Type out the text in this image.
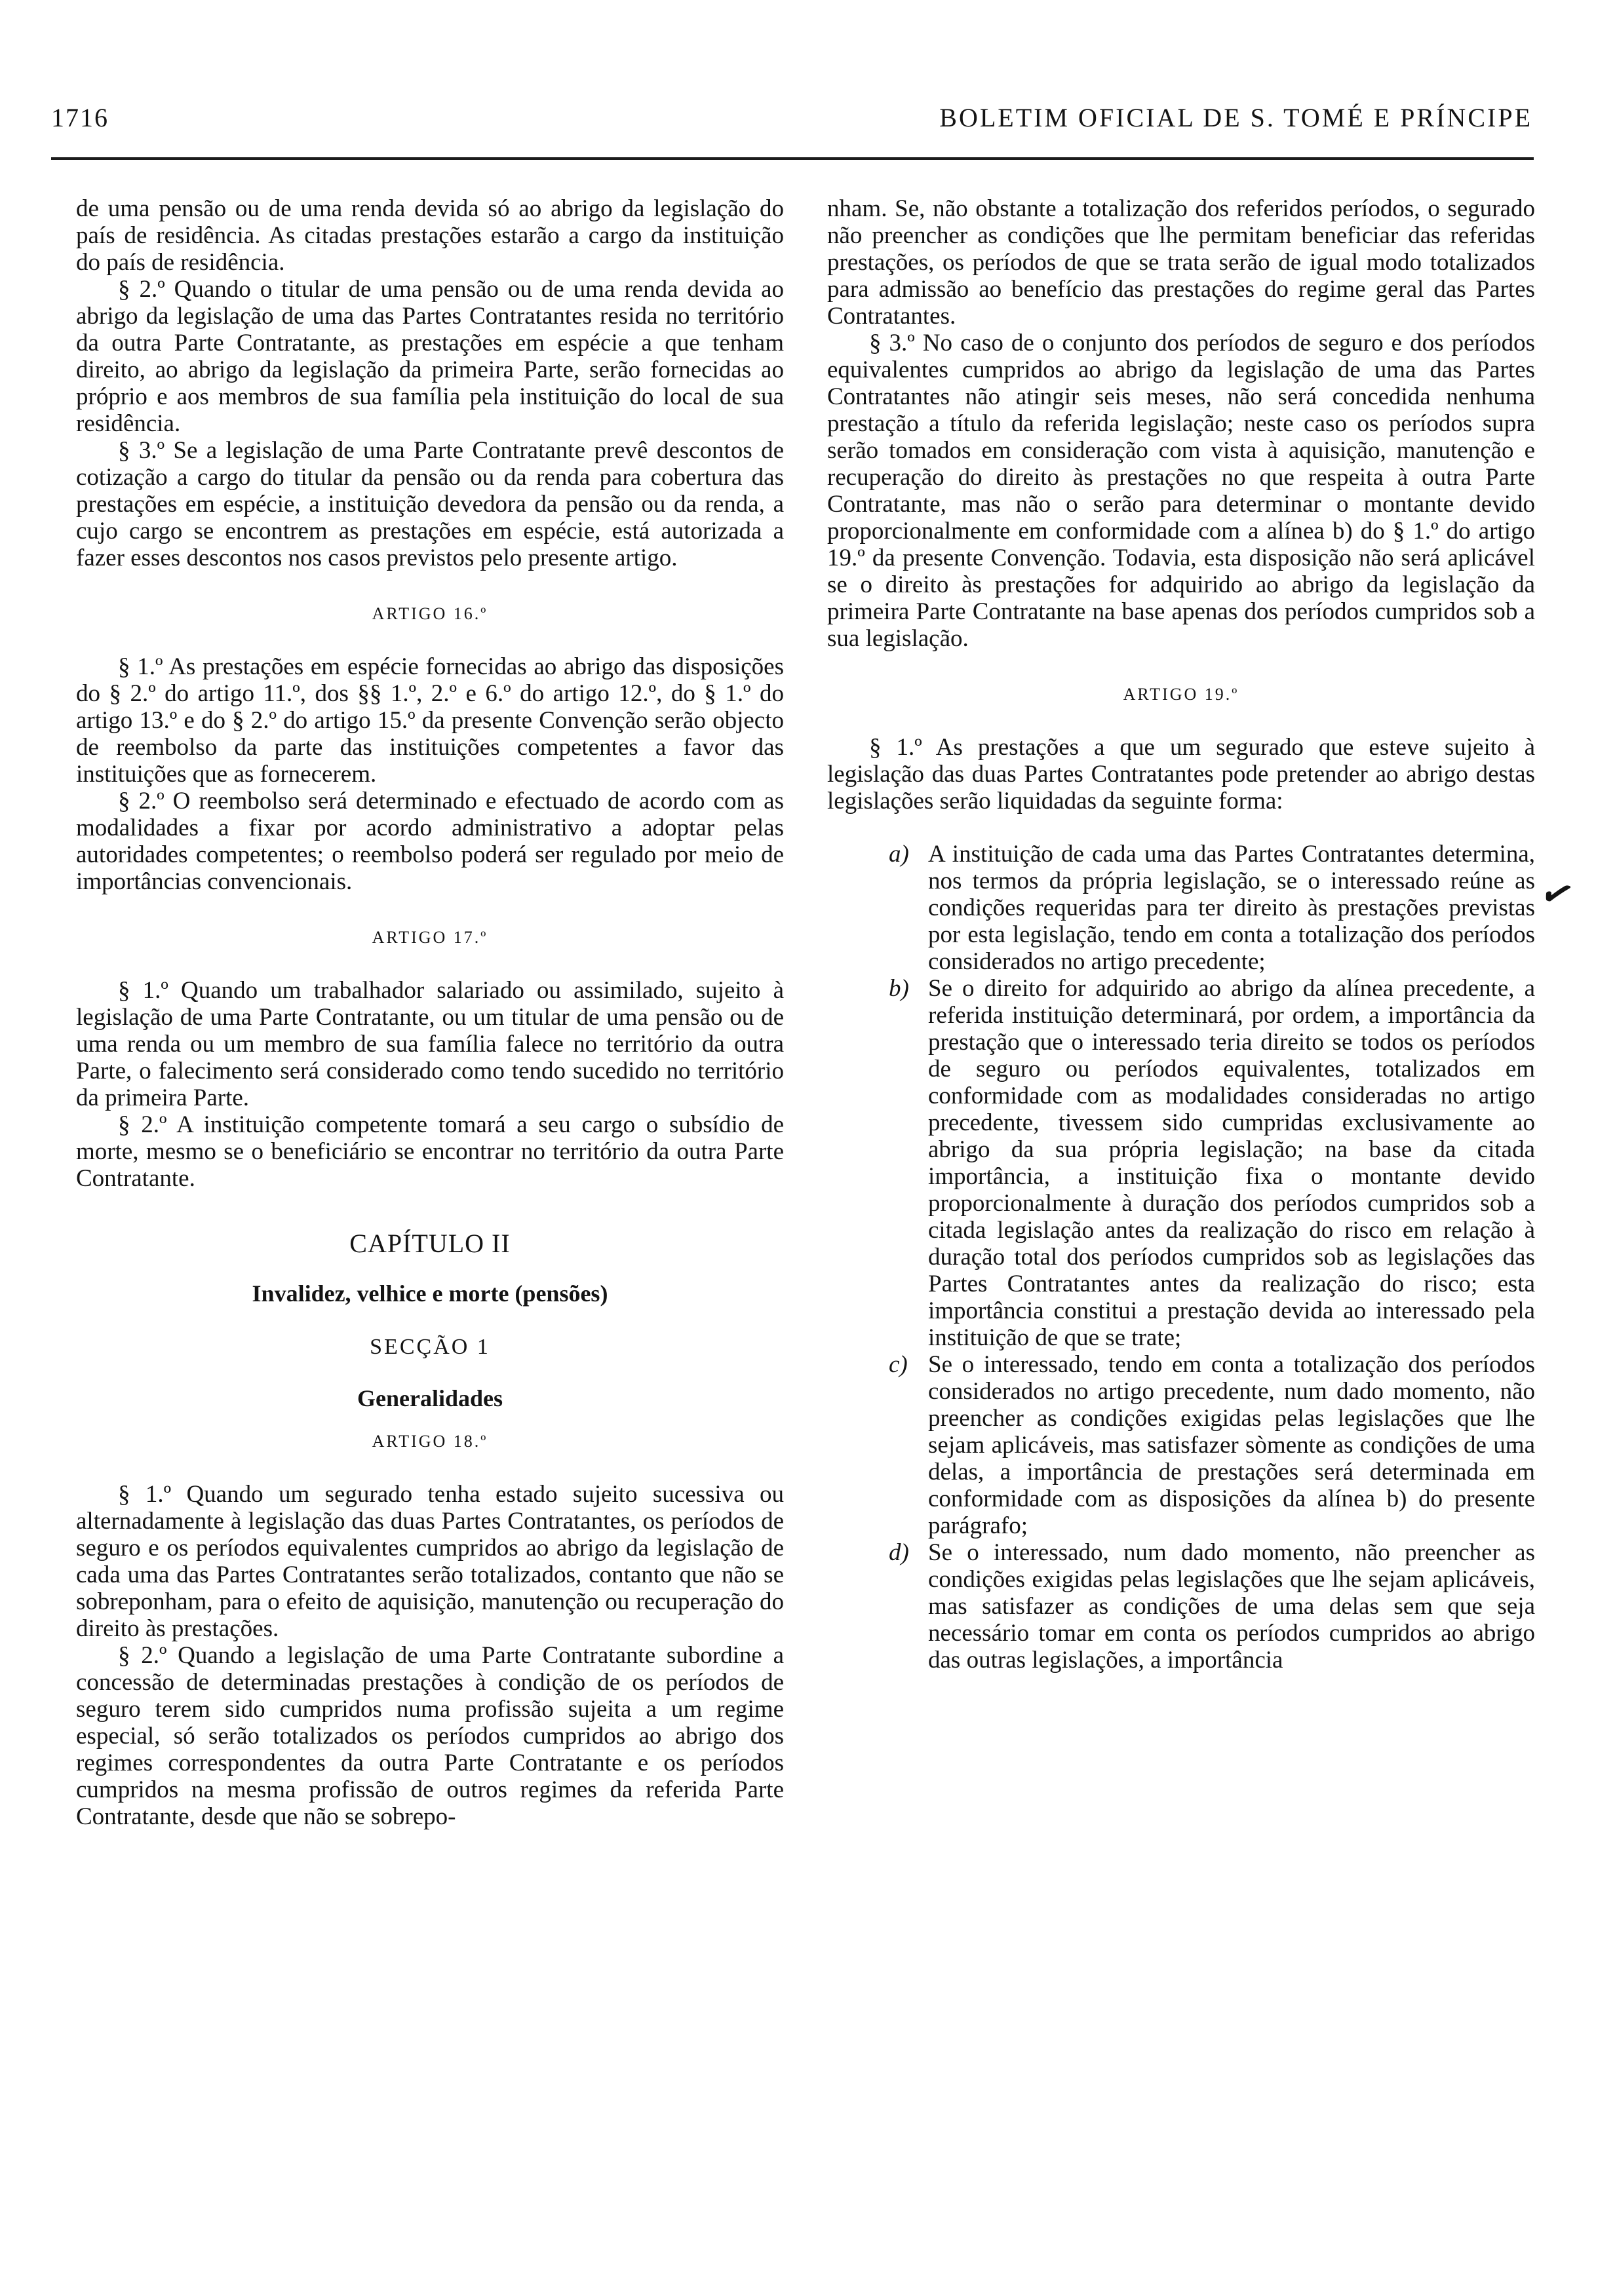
1716	BOLETIM OFICIAL DE S. TOMÉ E PRÍNCIPE

de uma pensão ou de uma renda devida só ao abrigo da legislação do país de residência. As citadas prestações estarão a cargo da instituição do país de residência.

§ 2.º Quando o titular de uma pensão ou de uma renda devida ao abrigo da legislação de uma das Partes Contratantes resida no território da outra Parte Contratante, as prestações em espécie a que tenham direito, ao abrigo da legislação da primeira Parte, serão fornecidas ao próprio e aos membros de sua família pela instituição do local de sua residência.

§ 3.º Se a legislação de uma Parte Contratante prevê descontos de cotização a cargo do titular da pensão ou da renda para cobertura das prestações em espécie, a instituição devedora da pensão ou da renda, a cujo cargo se encontrem as prestações em espécie, está autorizada a fazer esses descontos nos casos previstos pelo presente artigo.

ARTIGO 16.º

§ 1.º As prestações em espécie fornecidas ao abrigo das disposições do § 2.º do artigo 11.º, dos §§ 1.º, 2.º e 6.º do artigo 12.º, do § 1.º do artigo 13.º e do § 2.º do artigo 15.º da presente Convenção serão objecto de reembolso da parte das instituições competentes a favor das instituições que as fornecerem.

§ 2.º O reembolso será determinado e efectuado de acordo com as modalidades a fixar por acordo administrativo a adoptar pelas autoridades competentes; o reembolso poderá ser regulado por meio de importâncias convencionais.

ARTIGO 17.º

§ 1.º Quando um trabalhador salariado ou assimilado, sujeito à legislação de uma Parte Contratante, ou um titular de uma pensão ou de uma renda ou um membro de sua família falece no território da outra Parte, o falecimento será considerado como tendo sucedido no território da primeira Parte.

§ 2.º A instituição competente tomará a seu cargo o subsídio de morte, mesmo se o beneficiário se encontrar no território da outra Parte Contratante.

CAPÍTULO II
Invalidez, velhice e morte (pensões)
SECÇÃO 1
Generalidades
ARTIGO 18.º

§ 1.º Quando um segurado tenha estado sujeito sucessiva ou alternadamente à legislação das duas Partes Contratantes, os períodos de seguro e os períodos equivalentes cumpridos ao abrigo da legislação de cada uma das Partes Contratantes serão totalizados, contanto que não se sobreponham, para o efeito de aquisição, manutenção ou recuperação do direito às prestações.

§ 2.º Quando a legislação de uma Parte Contratante subordine a concessão de determinadas prestações à condição de os períodos de seguro terem sido cumpridos numa profissão sujeita a um regime especial, só serão totalizados os períodos cumpridos ao abrigo dos regimes correspondentes da outra Parte Contratante e os períodos cumpridos na mesma profissão de outros regimes da referida Parte Contratante, desde que não se sobrepo-

nham. Se, não obstante a totalização dos referidos períodos, o segurado não preencher as condições que lhe permitam beneficiar das referidas prestações, os períodos de que se trata serão de igual modo totalizados para admissão ao benefício das prestações do regime geral das Partes Contratantes.

§ 3.º No caso de o conjunto dos períodos de seguro e dos períodos equivalentes cumpridos ao abrigo da legislação de uma das Partes Contratantes não atingir seis meses, não será concedida nenhuma prestação a título da referida legislação; neste caso os períodos supra serão tomados em consideração com vista à aquisição, manutenção e recuperação do direito às prestações no que respeita à outra Parte Contratante, mas não o serão para determinar o montante devido proporcionalmente em conformidade com a alínea b) do § 1.º do artigo 19.º da presente Convenção. Todavia, esta disposição não será aplicável se o direito às prestações for adquirido ao abrigo da legislação da primeira Parte Contratante na base apenas dos períodos cumpridos sob a sua legislação.

ARTIGO 19.º

§ 1.º As prestações a que um segurado que esteve sujeito à legislação das duas Partes Contratantes pode pretender ao abrigo destas legislações serão liquidadas da seguinte forma:

a) A instituição de cada uma das Partes Contratantes determina, nos termos da própria legislação, se o interessado reúne as condições requeridas para ter direito às prestações previstas por esta legislação, tendo em conta a totalização dos períodos considerados no artigo precedente;
b) Se o direito for adquirido ao abrigo da alínea precedente, a referida instituição determinará, por ordem, a importância da prestação que o interessado teria direito se todos os períodos de seguro ou períodos equivalentes, totalizados em conformidade com as modalidades consideradas no artigo precedente, tivessem sido cumpridas exclusivamente ao abrigo da sua própria legislação; na base da citada importância, a instituição fixa o montante devido proporcionalmente à duração dos períodos cumpridos sob a citada legislação antes da realização do risco em relação à duração total dos períodos cumpridos sob as legislações das Partes Contratantes antes da realização do risco; esta importância constitui a prestação devida ao interessado pela instituição de que se trate;
c) Se o interessado, tendo em conta a totalização dos períodos considerados no artigo precedente, num dado momento, não preencher as condições exigidas pelas legislações que lhe sejam aplicáveis, mas satisfazer sòmente as condições de uma delas, a importância de prestações será determinada em conformidade com as disposições da alínea b) do presente parágrafo;
d) Se o interessado, num dado momento, não preencher as condições exigidas pelas legislações que lhe sejam aplicáveis, mas satisfazer as condições de uma delas sem que seja necessário tomar em conta os períodos cumpridos ao abrigo das outras legislações, a importância
✓
